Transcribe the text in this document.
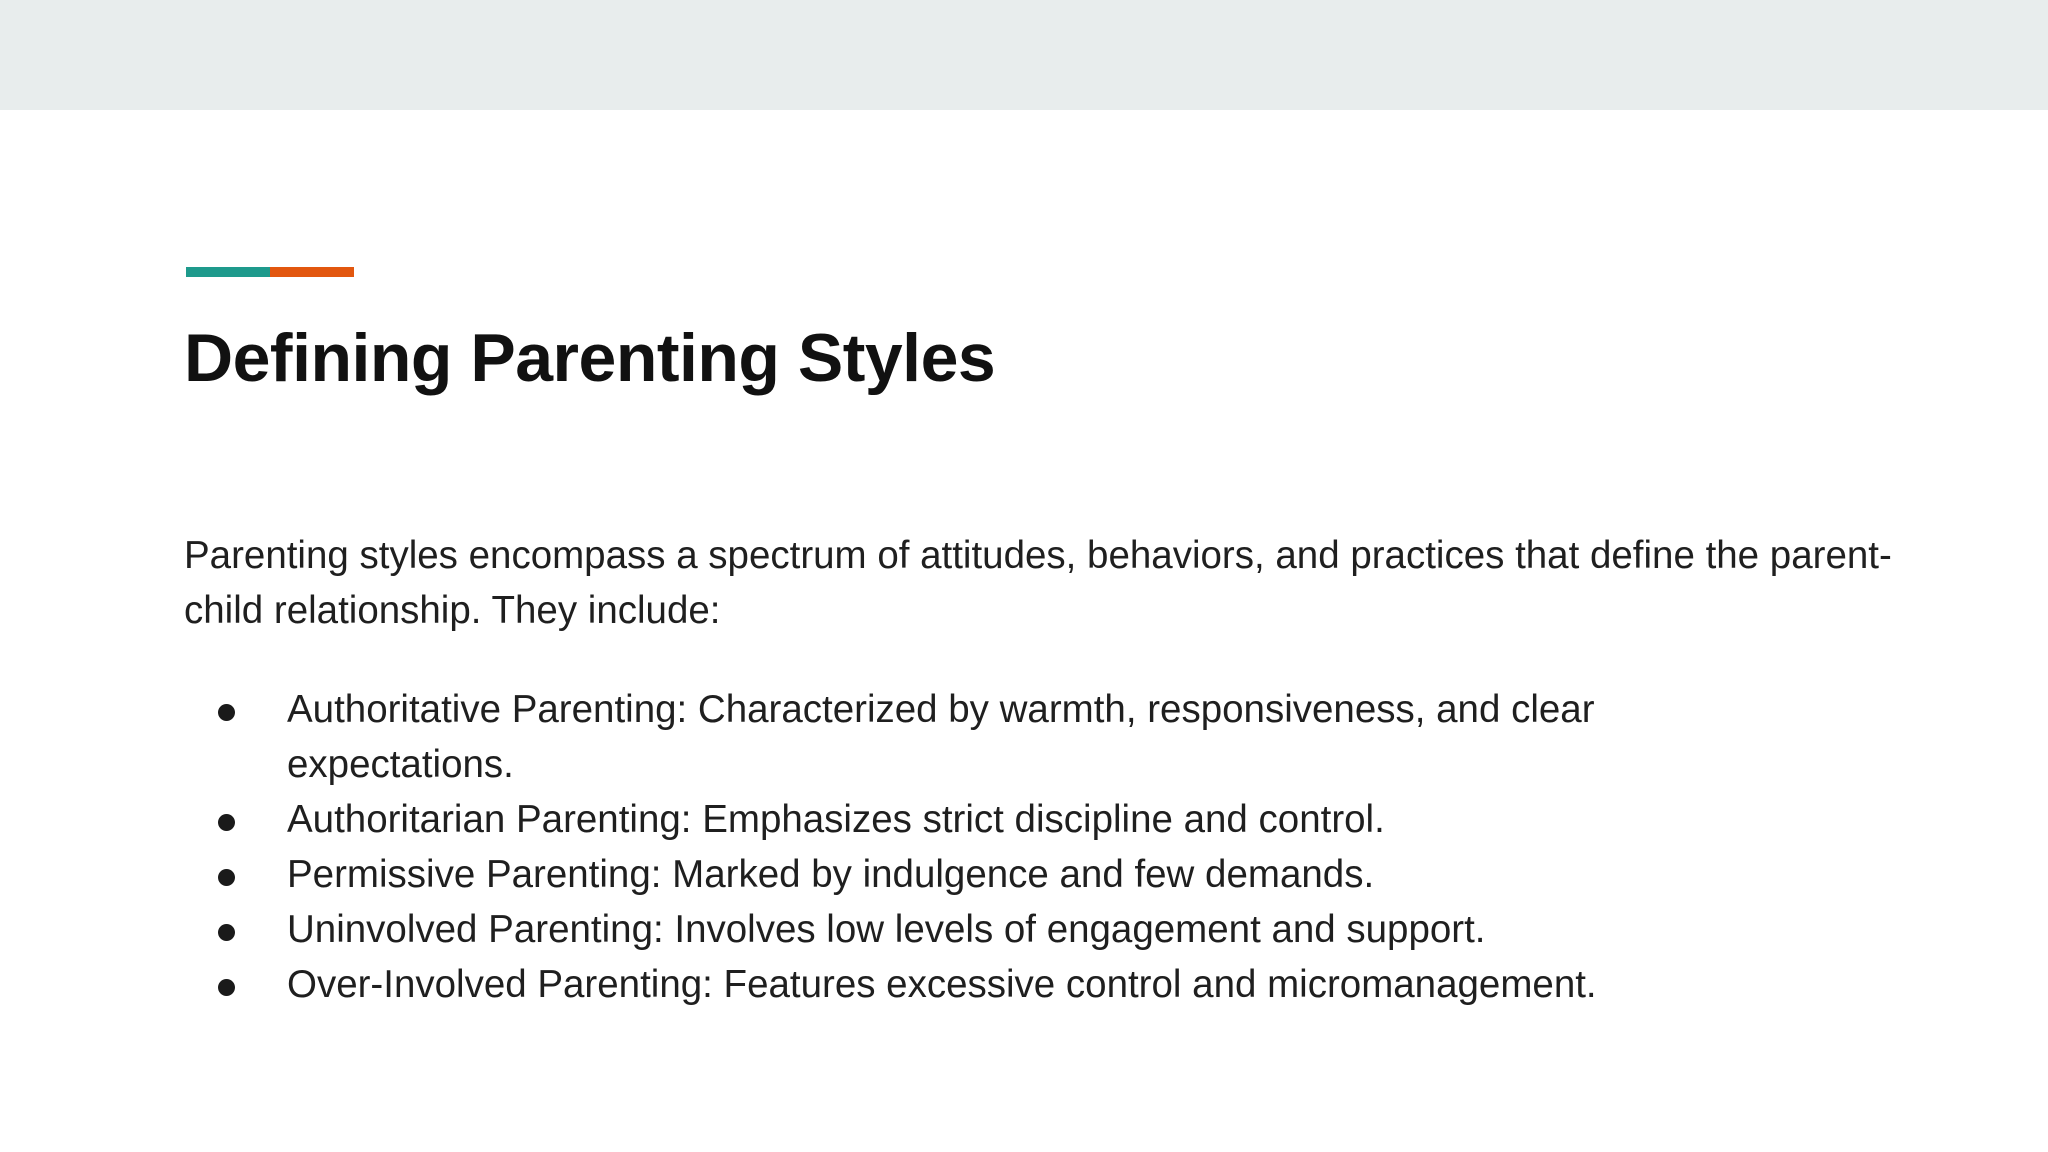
Defining Parenting Styles

Parenting styles encompass a spectrum of attitudes, behaviors, and practices that define the parent-child relationship. They include:

Authoritative Parenting: Characterized by warmth, responsiveness, and clear expectations.
Authoritarian Parenting: Emphasizes strict discipline and control.
Permissive Parenting: Marked by indulgence and few demands.
Uninvolved Parenting: Involves low levels of engagement and support.
Over-Involved Parenting: Features excessive control and micromanagement.
